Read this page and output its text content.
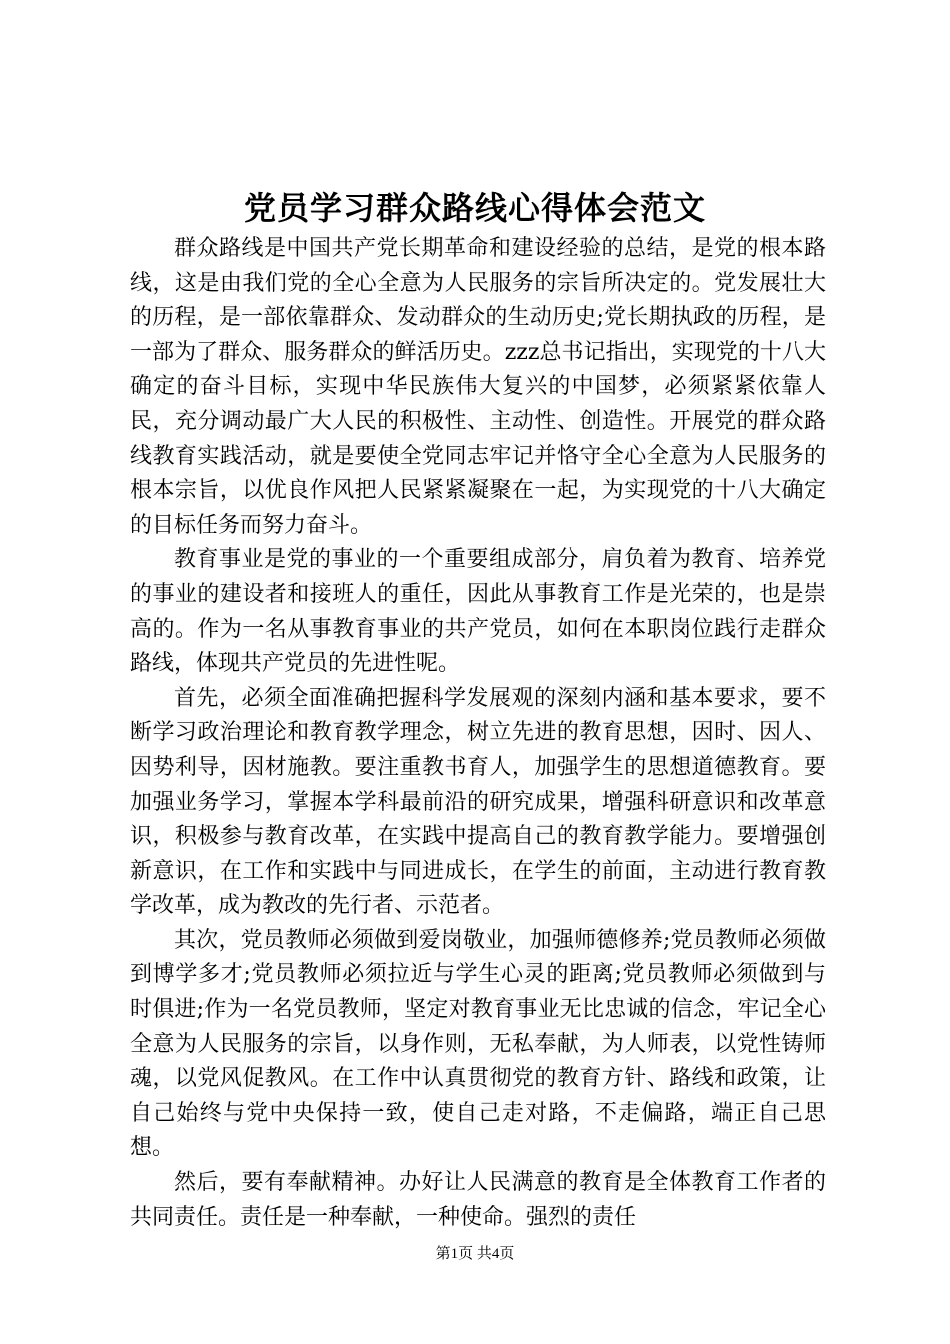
党员学习群众路线心得体会范文

群众路线是中国共产党长期革命和建设经验的总结，是党的根本路线，这是由我们党的全心全意为人民服务的宗旨所决定的。党发展壮大的历程，是一部依靠群众、发动群众的生动历史;党长期执政的历程，是一部为了群众、服务群众的鲜活历史。zzz总书记指出，实现党的十八大确定的奋斗目标，实现中华民族伟大复兴的中国梦，必须紧紧依靠人民，充分调动最广大人民的积极性、主动性、创造性。开展党的群众路线教育实践活动，就是要使全党同志牢记并恪守全心全意为人民服务的根本宗旨，以优良作风把人民紧紧凝聚在一起，为实现党的十八大确定的目标任务而努力奋斗。

教育事业是党的事业的一个重要组成部分，肩负着为教育、培养党的事业的建设者和接班人的重任，因此从事教育工作是光荣的，也是崇高的。作为一名从事教育事业的共产党员，如何在本职岗位践行走群众路线，体现共产党员的先进性呢。

首先，必须全面准确把握科学发展观的深刻内涵和基本要求，要不断学习政治理论和教育教学理念，树立先进的教育思想，因时、因人、因势利导，因材施教。要注重教书育人，加强学生的思想道德教育。要加强业务学习，掌握本学科最前沿的研究成果，增强科研意识和改革意识，积极参与教育改革，在实践中提高自己的教育教学能力。要增强创新意识，在工作和实践中与同进成长，在学生的前面，主动进行教育教学改革，成为教改的先行者、示范者。

其次，党员教师必须做到爱岗敬业，加强师德修养;党员教师必须做到博学多才;党员教师必须拉近与学生心灵的距离;党员教师必须做到与时俱进;作为一名党员教师，坚定对教育事业无比忠诚的信念，牢记全心全意为人民服务的宗旨，以身作则，无私奉献，为人师表，以党性铸师魂，以党风促教风。在工作中认真贯彻党的教育方针、路线和政策，让自己始终与党中央保持一致，使自己走对路，不走偏路，端正自己思想。

然后，要有奉献精神。办好让人民满意的教育是全体教育工作者的共同责任。责任是一种奉献，一种使命。强烈的责任

第1页 共4页
